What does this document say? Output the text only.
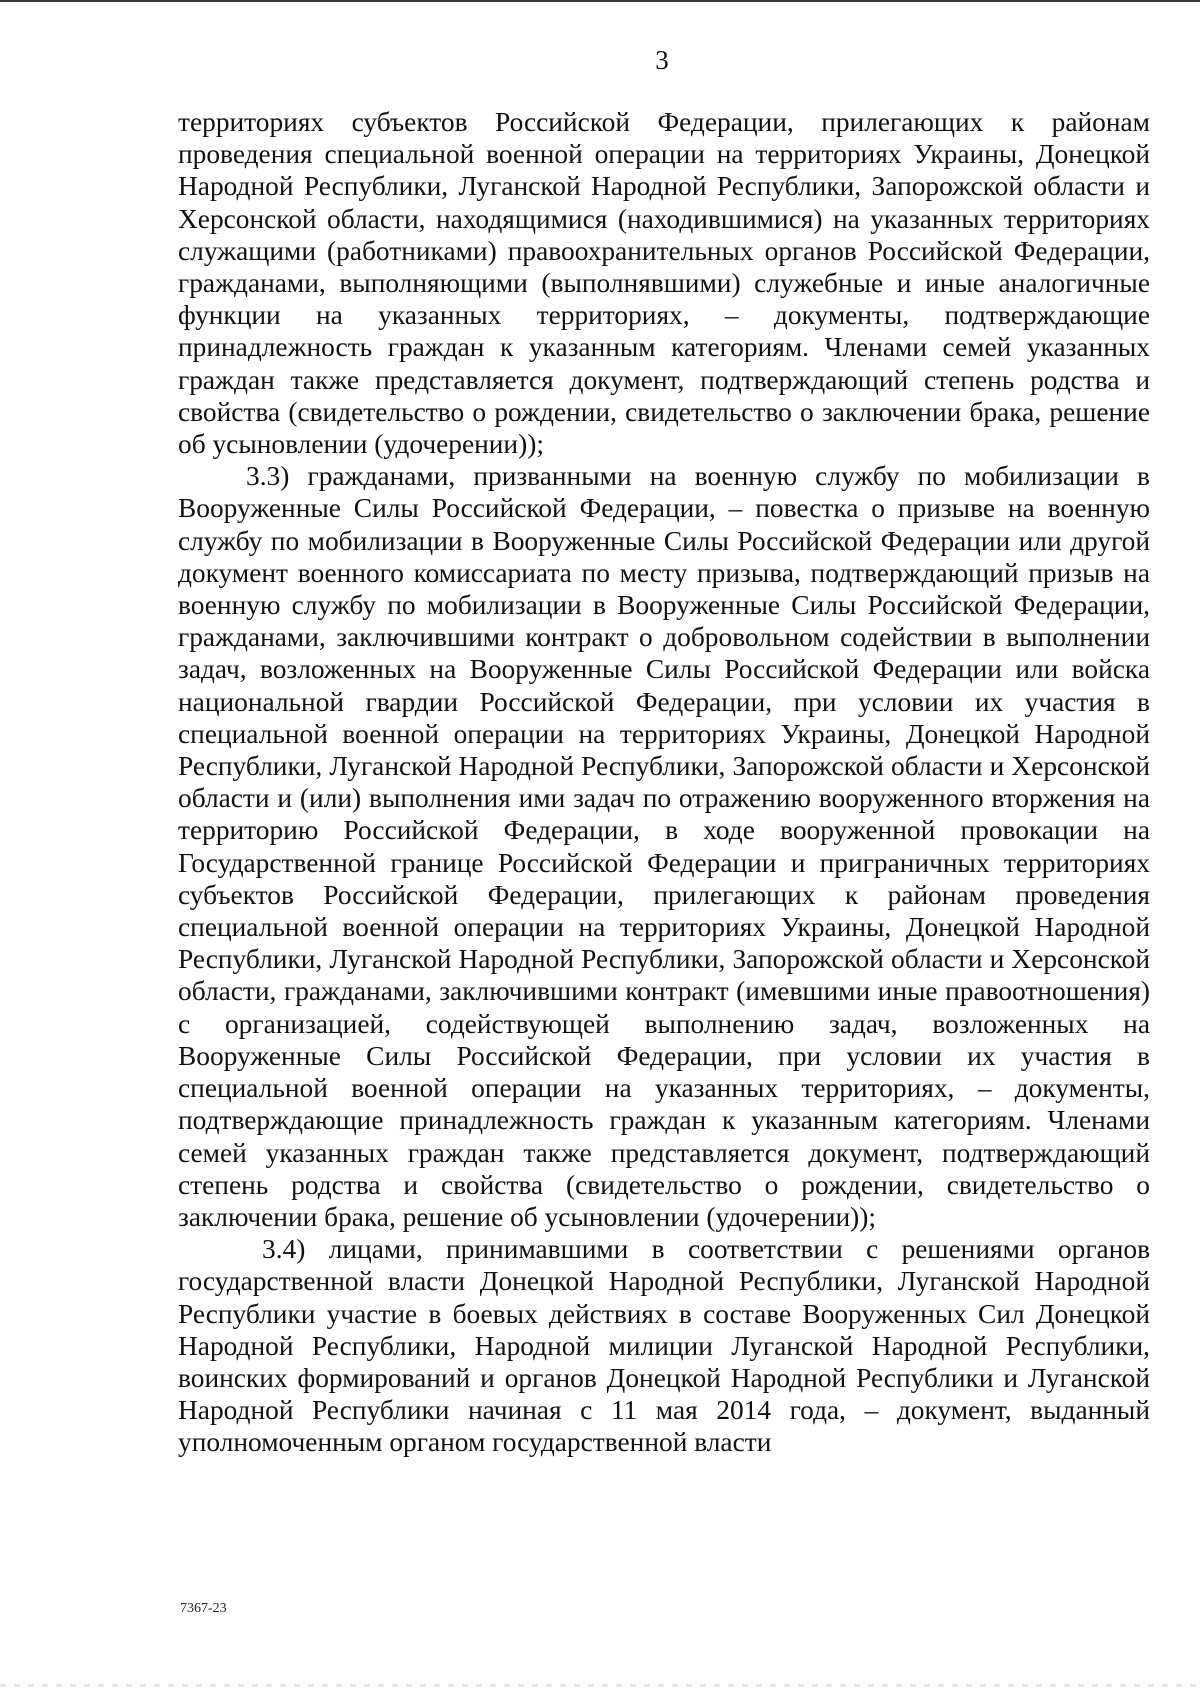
3

территориях субъектов Российской Федерации, прилегающих к районам проведения специальной военной операции на территориях Украины, Донецкой Народной Республики, Луганской Народной Республики, Запорожской области и Херсонской области, находящимися (находившимися) на указанных территориях служащими (работниками) правоохранительных органов Российской Федерации, гражданами, выполняющими (выполнявшими) служебные и иные аналогичные функции на указанных территориях, – документы, подтверждающие принадлежность граждан к указанным категориям. Членами семей указанных граждан также представляется документ, подтверждающий степень родства и свойства (свидетельство о рождении, свидетельство о заключении брака, решение об усыновлении (удочерении));

3.3) гражданами, призванными на военную службу по мобилизации в Вооруженные Силы Российской Федерации, – повестка о призыве на военную службу по мобилизации в Вооруженные Силы Российской Федерации или другой документ военного комиссариата по месту призыва, подтверждающий призыв на военную службу по мобилизации в Вооруженные Силы Российской Федерации, гражданами, заключившими контракт о добровольном содействии в выполнении задач, возложенных на Вооруженные Силы Российской Федерации или войска национальной гвардии Российской Федерации, при условии их участия в специальной военной операции на территориях Украины, Донецкой Народной Республики, Луганской Народной Республики, Запорожской области и Херсонской области и (или) выполнения ими задач по отражению вооруженного вторжения на территорию Российской Федерации, в ходе вооруженной провокации на Государственной границе Российской Федерации и приграничных территориях субъектов Российской Федерации, прилегающих к районам проведения специальной военной операции на территориях Украины, Донецкой Народной Республики, Луганской Народной Республики, Запорожской области и Херсонской области, гражданами, заключившими контракт (имевшими иные правоотношения) с организацией, содействующей выполнению задач, возложенных на Вооруженные Силы Российской Федерации, при условии их участия в специальной военной операции на указанных территориях, – документы, подтверждающие принадлежность граждан к указанным категориям. Членами семей указанных граждан также представляется документ, подтверждающий степень родства и свойства (свидетельство о рождении, свидетельство о заключении брака, решение об усыновлении (удочерении));

3.4) лицами, принимавшими в соответствии с решениями органов государственной власти Донецкой Народной Республики, Луганской Народной Республики участие в боевых действиях в составе Вооруженных Сил Донецкой Народной Республики, Народной милиции Луганской Народной Республики, воинских формирований и органов Донецкой Народной Республики и Луганской Народной Республики начиная с 11 мая 2014 года, – документ, выданный уполномоченным органом государственной власти

7367-23
